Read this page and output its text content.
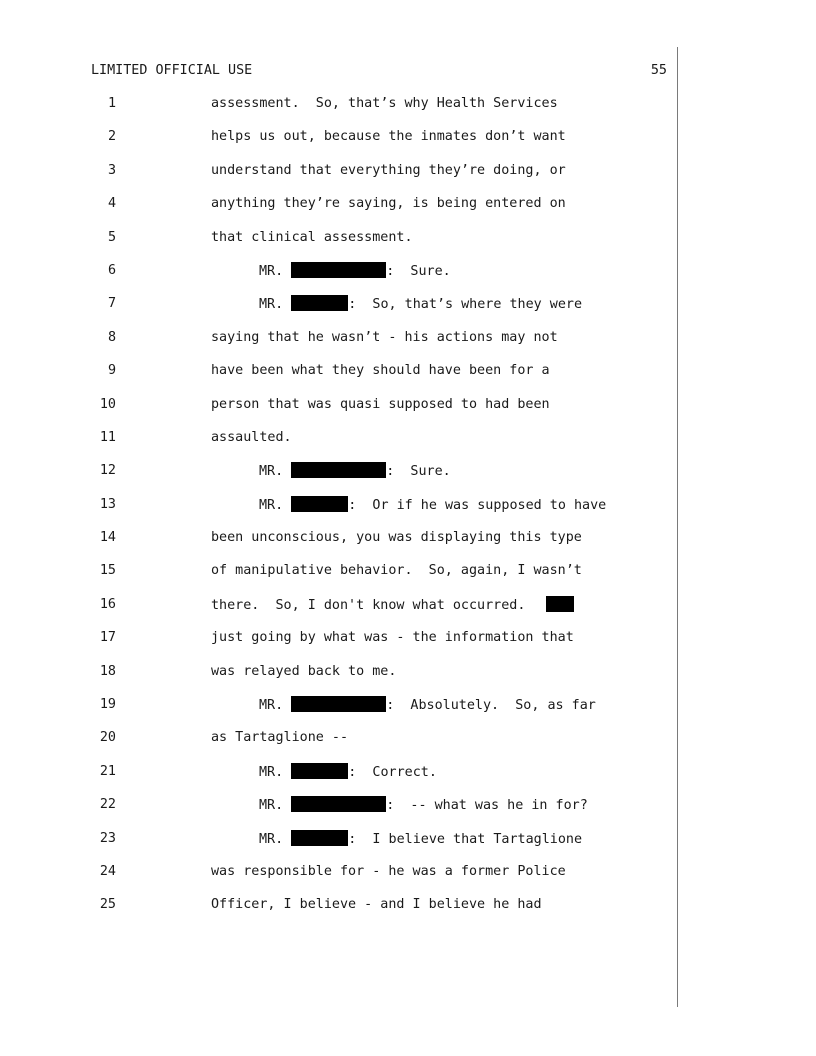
LIMITED OFFICIAL USE	55
1	assessment.  So, that’s why Health Services
2	helps us out, because the inmates don’t want
3	understand that everything they’re doing, or
4	anything they’re saying, is being entered on
5	that clinical assessment.
6	MR.	:  Sure.
7	MR.	:  So, that’s where they were
8	saying that he wasn’t - his actions may not
9	have been what they should have been for a
10	person that was quasi supposed to had been
11	assaulted.
12	MR.	:  Sure.
13	MR.	:  Or if he was supposed to have
14	been unconscious, you was displaying this type
15	of manipulative behavior.  So, again, I wasn’t
16	there.  So, I don't know what occurred.
17	just going by what was - the information that
18	was relayed back to me.
19	MR.	:  Absolutely.  So, as far
20	as Tartaglione --
21	MR.	:  Correct.
22	MR.	:  -- what was he in for?
23	MR.	:  I believe that Tartaglione
24	was responsible for - he was a former Police
25	Officer, I believe - and I believe he had
